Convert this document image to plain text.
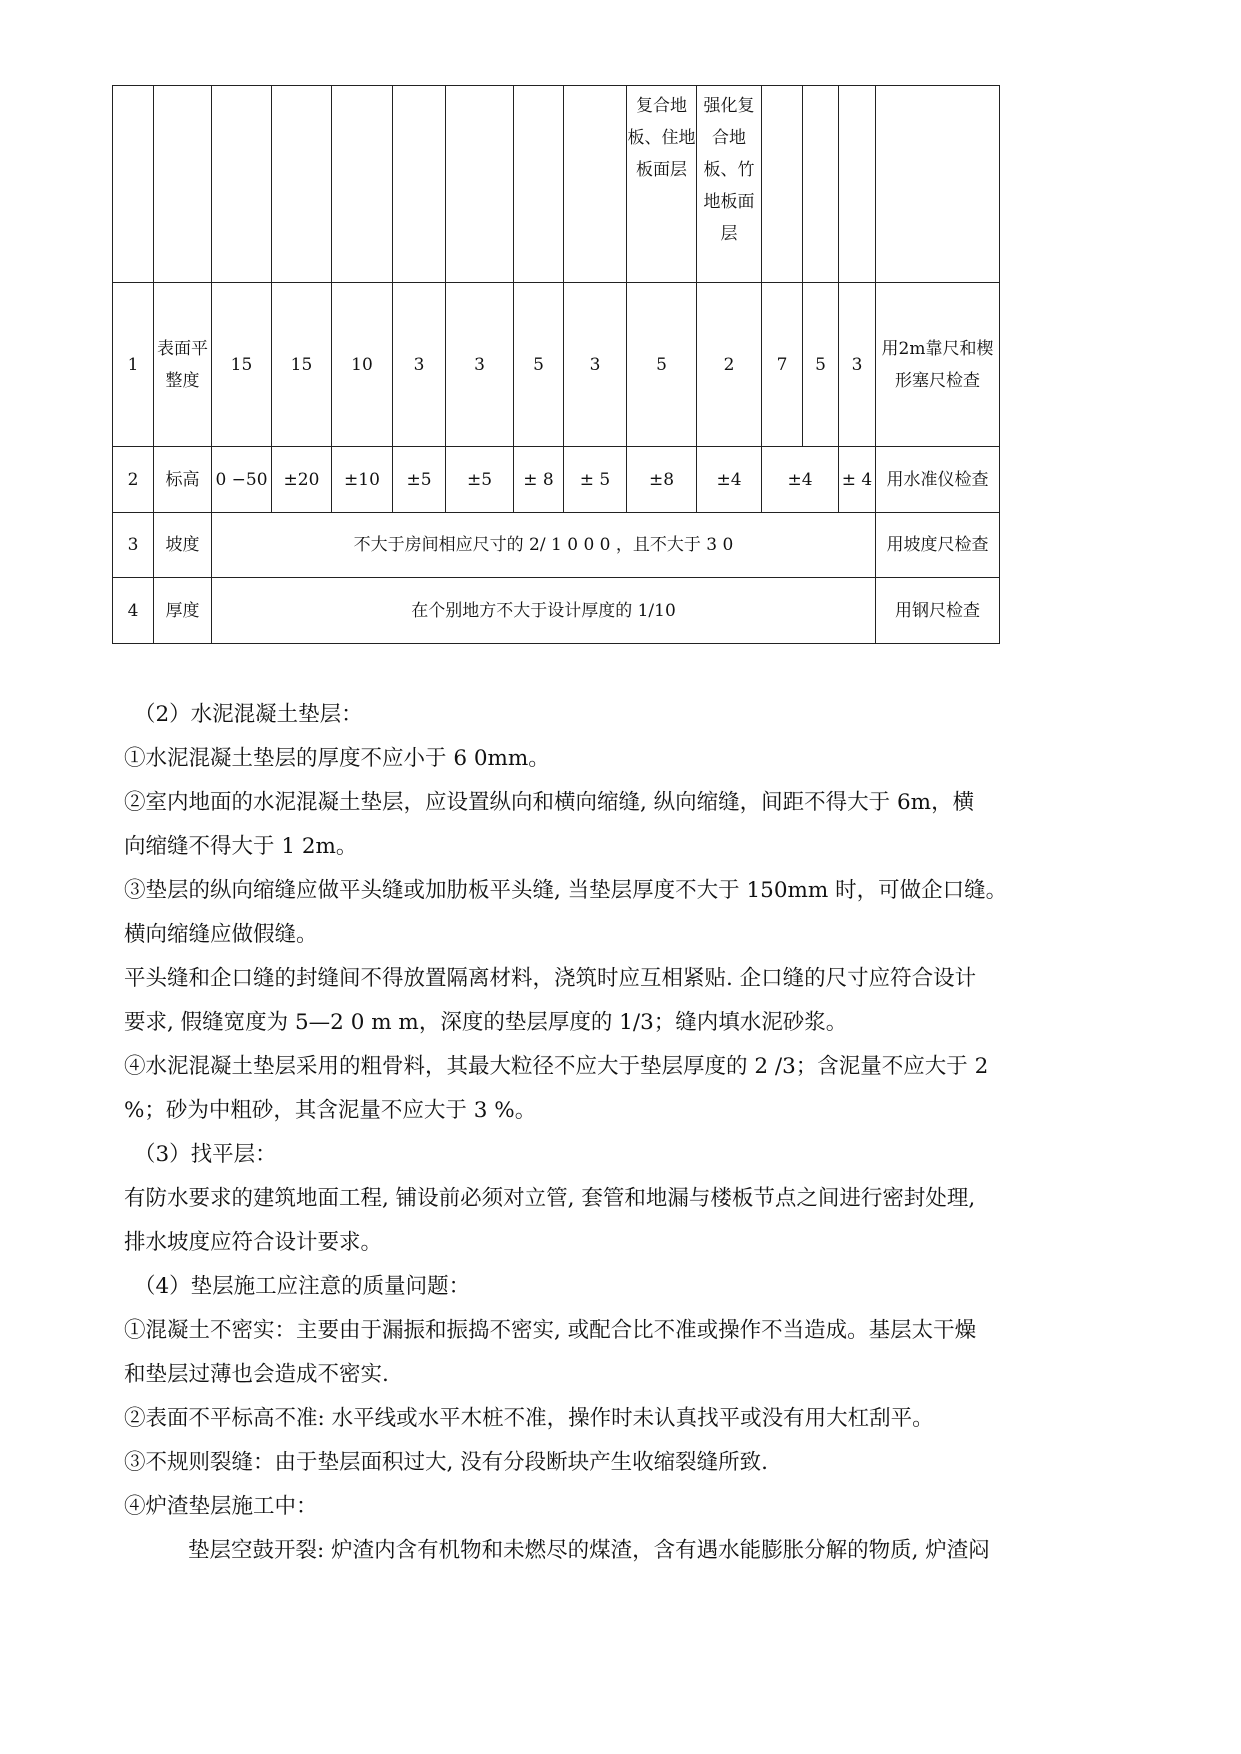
									复合地板、住地板面层	强化复合地板、竹地板面层				
1	表面平整度	15	15	10	3	3	5	3	5	2	7	5	3	用2m靠尺和楔形塞尺检查
2	标高	0 −50	±20	±10	±5	±5	± 8	± 5	±8	±4	±4		± 4	用水准仪检查
3	坡度	不大于房间相应尺寸的 2/ 1 0 0 0 ，且不大于 3 0												用坡度尺检查
4	厚度	在个别地方不大于设计厚度的 1/10												用钢尺检查

（2）水泥混凝土垫层：

①水泥混凝土垫层的厚度不应小于 6 0mm。

②室内地面的水泥混凝土垫层，应设置纵向和横向缩缝, 纵向缩缝，间距不得大于 6m，横

向缩缝不得大于 1 2m。

③垫层的纵向缩缝应做平头缝或加肋板平头缝, 当垫层厚度不大于 150mm 时，可做企口缝。

横向缩缝应做假缝。

平头缝和企口缝的封缝间不得放置隔离材料，浇筑时应互相紧贴. 企口缝的尺寸应符合设计

要求, 假缝宽度为 5—2 0 m m，深度的垫层厚度的 1/3；缝内填水泥砂浆。

④水泥混凝土垫层采用的粗骨料，其最大粒径不应大于垫层厚度的 2 /3；含泥量不应大于 2

%；砂为中粗砂，其含泥量不应大于 3 %。

（3）找平层：

有防水要求的建筑地面工程, 铺设前必须对立管, 套管和地漏与楼板节点之间进行密封处理,

排水坡度应符合设计要求。

（4）垫层施工应注意的质量问题：

①混凝土不密实：主要由于漏振和振捣不密实, 或配合比不准或操作不当造成。基层太干燥

和垫层过薄也会造成不密实.

②表面不平标高不准: 水平线或水平木桩不准，操作时未认真找平或没有用大杠刮平。

③不规则裂缝：由于垫层面积过大, 没有分段断块产生收缩裂缝所致.

④炉渣垫层施工中：

垫层空鼓开裂: 炉渣内含有机物和未燃尽的煤渣，含有遇水能膨胀分解的物质, 炉渣闷
